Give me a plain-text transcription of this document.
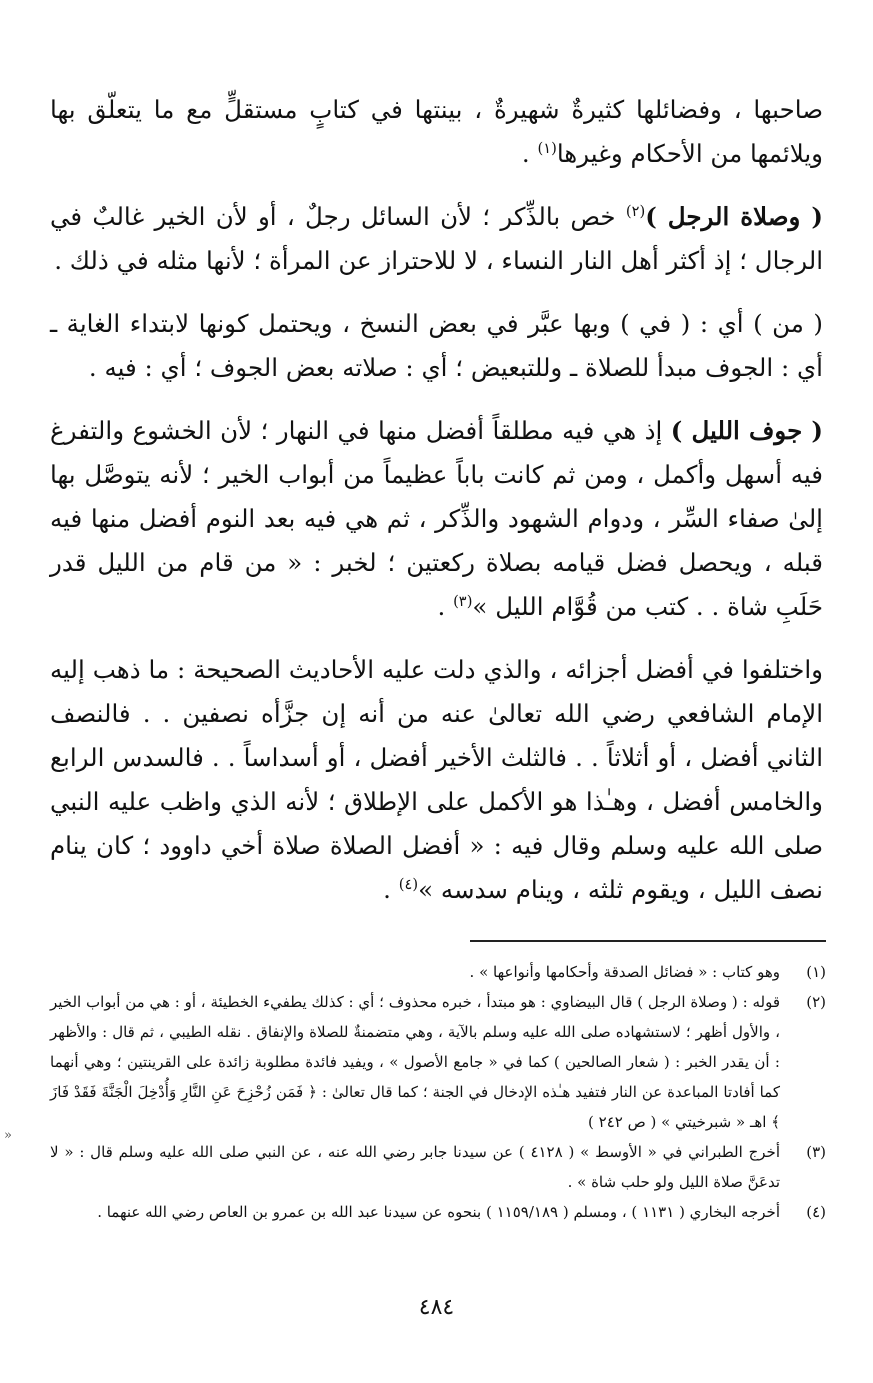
صاحبها ، وفضائلها كثيرةٌ شهيرةٌ ، بينتها في كتابٍ مستقلٍّ مع ما يتعلّق بها ويلائمها من الأحكام وغيرها$^{(١)}$ .

( وصلاة الرجل )$^{(٢)}$ خص بالذِّكر ؛ لأن السائل رجلٌ ، أو لأن الخير غالبٌ في الرجال ؛ إذ أكثر أهل النار النساء ، لا للاحتراز عن المرأة ؛ لأنها مثله في ذلك .

( من ) أي : ( في ) وبها عبَّر في بعض النسخ ، ويحتمل كونها لابتداء الغاية ـ أي : الجوف مبدأ للصلاة ـ وللتبعيض ؛ أي : صلاته بعض الجوف ؛ أي : فيه .

( جوف الليل ) إذ هي فيه مطلقاً أفضل منها في النهار ؛ لأن الخشوع والتفرغ فيه أسهل وأكمل ، ومن ثم كانت باباً عظيماً من أبواب الخير ؛ لأنه يتوصَّل بها إلىٰ صفاء السِّر ، ودوام الشهود والذِّكر ، ثم هي فيه بعد النوم أفضل منها فيه قبله ، ويحصل فضل قيامه بصلاة ركعتين ؛ لخبر : « من قام من الليل قدر حَلَبِ شاة . . كتب من قُوَّام الليل »$^{(٣)}$ .

واختلفوا في أفضل أجزائه ، والذي دلت عليه الأحاديث الصحيحة : ما ذهب إليه الإمام الشافعي رضي الله تعالىٰ عنه من أنه إن جزَّأه نصفين . . فالنصف الثاني أفضل ، أو أثلاثاً . . فالثلث الأخير أفضل ، أو أسداساً . . فالسدس الرابع والخامس أفضل ، وهـٰذا هو الأكمل على الإطلاق ؛ لأنه الذي واظب عليه النبي صلى الله عليه وسلم وقال فيه : « أفضل الصلاة صلاة أخي داوود ؛ كان ينام نصف الليل ، ويقوم ثلثه ، وينام سدسه »$^{(٤)}$ .

(١)
وهو كتاب : « فضائل الصدقة وأحكامها وأنواعها » .
(٢)
قوله : ( وصلاة الرجل ) قال البيضاوي : هو مبتدأ ، خبره محذوف ؛ أي : كذلك يطفيء الخطيئة ، أو : هي من أبواب الخير ، والأول أظهر ؛ لاستشهاده صلى الله عليه وسلم بالآية ، وهي متضمنةٌ للصلاة والإنفاق . نقله الطيبي ، ثم قال : والأظهر : أن يقدر الخبر : ( شعار الصالحين ) كما في « جامع الأصول » ، ويفيد فائدة مطلوبة زائدة على القرينتين ؛ وهي أنهما كما أفادتا المباعدة عن النار فتفيد هـٰذه الإدخال في الجنة ؛ كما قال تعالىٰ : ﴿ فَمَن زُحْزِحَ عَنِ النَّارِ وَأُدْخِلَ الْجَنَّةَ فَقَدْ فَازَ ﴾ اهـ « شبرخيتي » ( ص ٢٤٢ )
(٣)
أخرج الطبراني في « الأوسط » ( ٤١٢٨ ) عن سيدنا جابر رضي الله عنه ، عن النبي صلى الله عليه وسلم قال : « لا تدعَنَّ صلاة الليل ولو حلب شاة » .
(٤)
أخرجه البخاري ( ١١٣١ ) ، ومسلم ( ١١٥٩/١٨٩ ) بنحوه عن سيدنا عبد الله بن عمرو بن العاص رضي الله عنهما .
«
٤٨٤
